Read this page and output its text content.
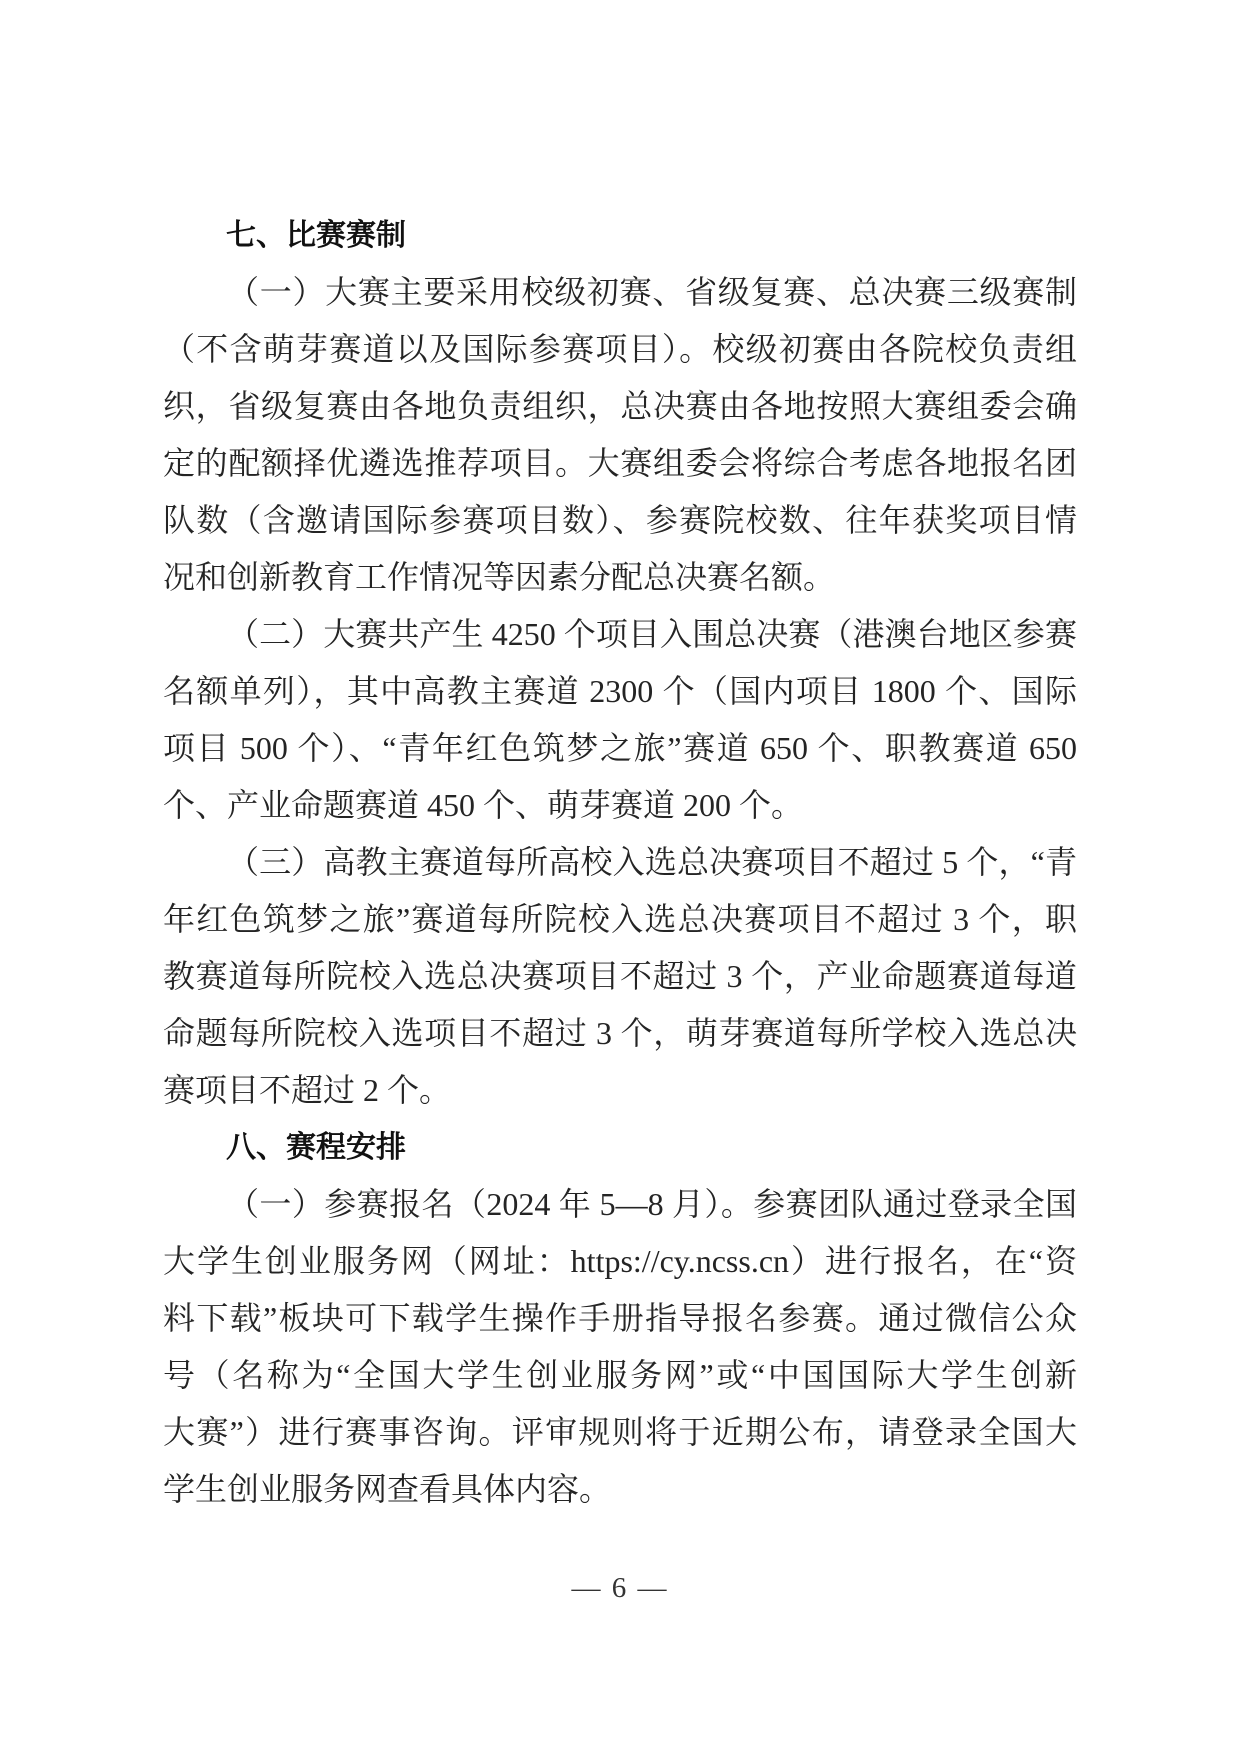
七、比赛赛制

（一）大赛主要采用校级初赛、省级复赛、总决赛三级赛制

（不含萌芽赛道以及国际参赛项目）。校级初赛由各院校负责组

织，省级复赛由各地负责组织，总决赛由各地按照大赛组委会确

定的配额择优遴选推荐项目。大赛组委会将综合考虑各地报名团

队数（含邀请国际参赛项目数）、参赛院校数、往年获奖项目情

况和创新教育工作情况等因素分配总决赛名额。

（二）大赛共产生 4250 个项目入围总决赛（港澳台地区参赛

名额单列），其中高教主赛道 2300 个（国内项目 1800 个、国际

项目 500 个）、“青年红色筑梦之旅”赛道 650 个、职教赛道 650

个、产业命题赛道 450 个、萌芽赛道 200 个。

（三）高教主赛道每所高校入选总决赛项目不超过 5 个，“青

年红色筑梦之旅”赛道每所院校入选总决赛项目不超过 3 个，职

教赛道每所院校入选总决赛项目不超过 3 个，产业命题赛道每道

命题每所院校入选项目不超过 3 个，萌芽赛道每所学校入选总决

赛项目不超过 2 个。

八、赛程安排

（一）参赛报名（2024 年 5—8 月）。参赛团队通过登录全国

大学生创业服务网（网址：https://cy.ncss.cn）进行报名，在“资

料下载”板块可下载学生操作手册指导报名参赛。通过微信公众

号（名称为“全国大学生创业服务网”或“中国国际大学生创新

大赛”）进行赛事咨询。评审规则将于近期公布，请登录全国大

学生创业服务网查看具体内容。

— 6 —
